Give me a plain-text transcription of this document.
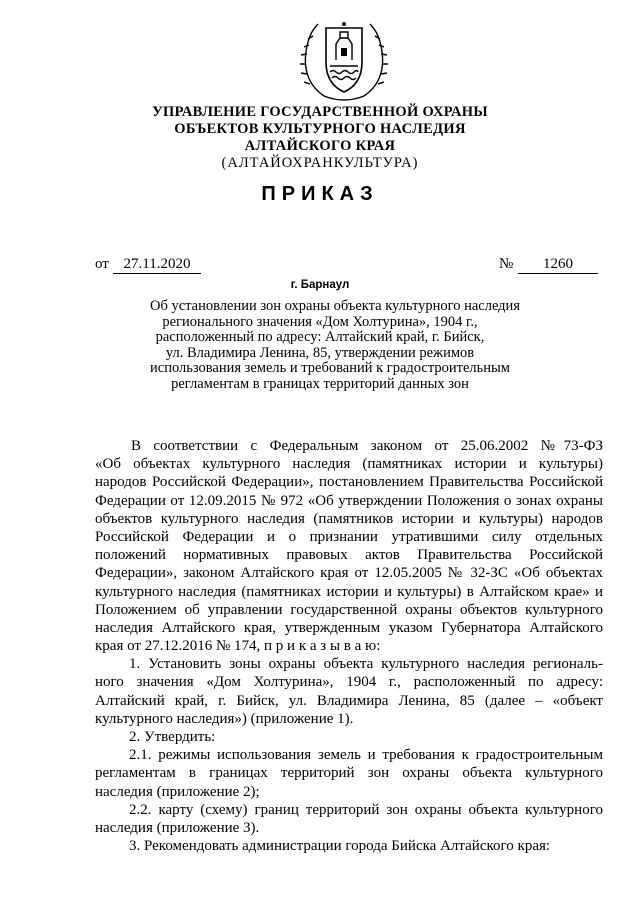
УПРАВЛЕНИЕ ГОСУДАРСТВЕННОЙ ОХРАНЫ
ОБЪЕКТОВ КУЛЬТУРНОГО НАСЛЕДИЯ
АЛТАЙСКОГО КРАЯ
(АЛТАЙОХРАНКУЛЬТУРА)
ПРИКАЗ
от 27.11.2020	№	1260
г. Барнаул
Об установлении зон охраны объекта культурного наследия
регионального значения «Дом Холтурина», 1904 г.,
расположенный по адресу: Алтайский край, г. Бийск,
ул. Владимира Ленина, 85, утверждении режимов
использования земель и требований к градостроительным
регламентам в границах территорий данных зон
В соответствии с Федеральным законом от 25.06.2002 №73-ФЗ
«Об объектах культурного наследия (памятниках истории и культуры)
народов Российской Федерации», постановлением Правительства Российской
Федерации от 12.09.2015 № 972 «Об утверждении Положения о зонах охраны
объектов культурного наследия (памятников истории и культуры) народов
Российской Федерации и о признании утратившими силу отдельных
положений нормативных правовых актов Правительства Российской
Федерации», законом Алтайского края от 12.05.2005 № 32-ЗС «Об объектах
культурного наследия (памятниках истории и культуры) в Алтайском крае» и
Положением об управлении государственной охраны объектов культурного
наследия Алтайского края, утвержденным указом Губернатора Алтайского
края от 27.12.2016 № 174, п р и к а з ы в а ю:
1. Установить зоны охраны объекта культурного наследия региональ-
ного значения «Дом Холтурина», 1904 г., расположенный по адресу:
Алтайский край, г. Бийск, ул. Владимира Ленина, 85 (далее – «объект
культурного наследия») (приложение 1).
2. Утвердить:
2.1. режимы использования земель и требования к градостроительным
регламентам в границах территорий зон охраны объекта культурного
наследия (приложение 2);
2.2. карту (схему) границ территорий зон охраны объекта культурного
наследия (приложение 3).
3. Рекомендовать администрации города Бийска Алтайского края:
